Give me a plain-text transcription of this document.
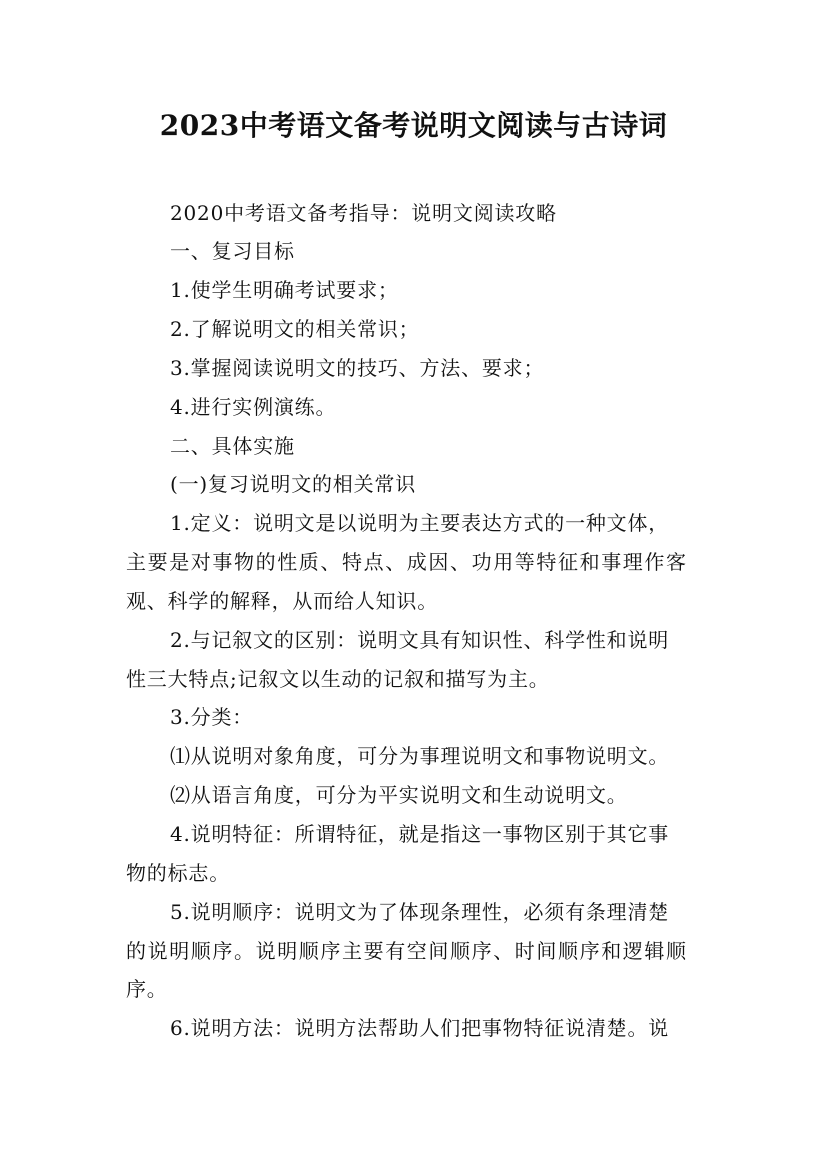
2023中考语文备考说明文阅读与古诗词
2020中考语文备考指导：说明文阅读攻略
一、复习目标
1.使学生明确考试要求；
2.了解说明文的相关常识；
3.掌握阅读说明文的技巧、方法、要求；
4.进行实例演练。
二、具体实施
(一)复习说明文的相关常识
1.定义：说明文是以说明为主要表达方式的一种文体，
主要是对事物的性质、特点、成因、功用等特征和事理作客
观、科学的解释，从而给人知识。
2.与记叙文的区别：说明文具有知识性、科学性和说明
性三大特点;记叙文以生动的记叙和描写为主。
3.分类：
⑴从说明对象角度，可分为事理说明文和事物说明文。
⑵从语言角度，可分为平实说明文和生动说明文。
4.说明特征：所谓特征，就是指这一事物区别于其它事
物的标志。
5.说明顺序：说明文为了体现条理性，必须有条理清楚
的说明顺序。说明顺序主要有空间顺序、时间顺序和逻辑顺
序。
6.说明方法：说明方法帮助人们把事物特征说清楚。说
